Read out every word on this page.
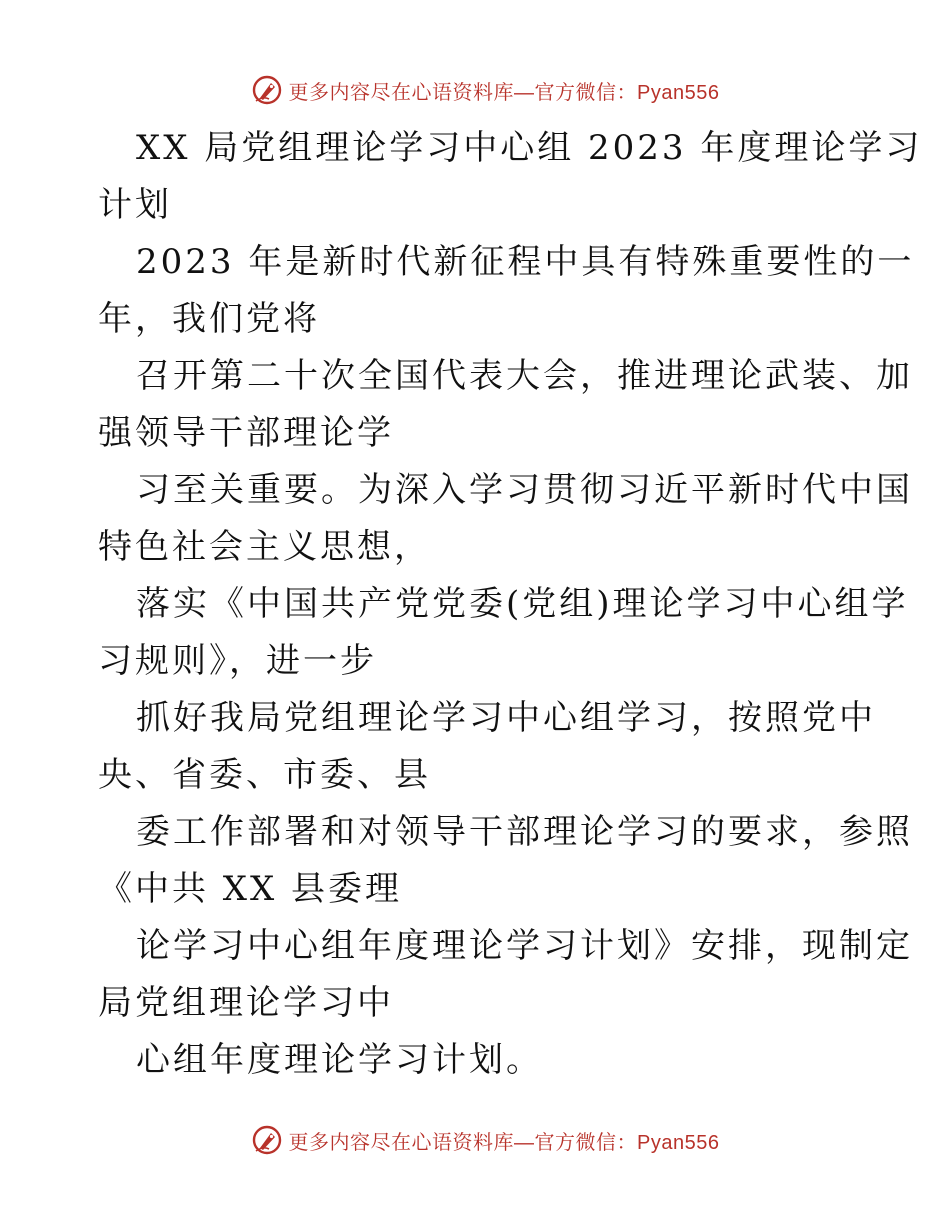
更多内容尽在心语资料库—官方微信：Pyan556
XX 局党组理论学习中心组 2023 年度理论学习
计划
2023 年是新时代新征程中具有特殊重要性的一
年，我们党将
召开第二十次全国代表大会，推进理论武装、加
强领导干部理论学
习至关重要。为深入学习贯彻习近平新时代中国
特色社会主义思想，
落实《中国共产党党委(党组)理论学习中心组学
习规则》，进一步
抓好我局党组理论学习中心组学习，按照党中
央、省委、市委、县
委工作部署和对领导干部理论学习的要求，参照
《中共 XX 县委理
论学习中心组年度理论学习计划》安排，现制定
局党组理论学习中
心组年度理论学习计划。
更多内容尽在心语资料库—官方微信：Pyan556
